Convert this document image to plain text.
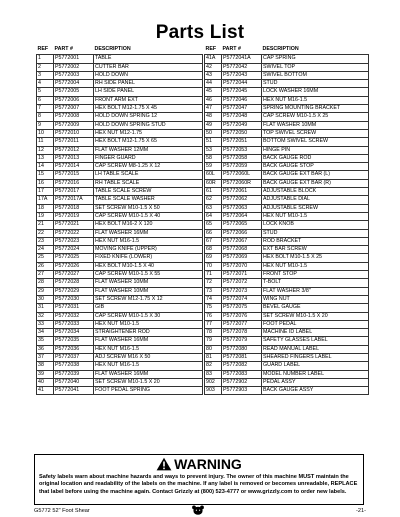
Parts List
REF	PART #	DESCRIPTION
1	P5772001	TABLE
2	P5772002	CUTTER BAR
3	P5772003	HOLD DOWN
4	P5772004	RH SIDE PANEL
5	P5772005	LH SIDE PANEL
6	P5772006	FRONT ARM EXT
7	P5772007	HEX BOLT M12-1.75 X 45
8	P5772008	HOLD DOWN SPRING 12
9	P5772009	HOLD DOWN SPRING STUD
10	P5772010	HEX NUT M12-1.75
11	P5772011	HEX BOLT M12-1.75 X 65
12	P5772012	FLAT WASHER 12MM
13	P5772013	FINGER GUARD
14	P5772014	CAP SCREW M8-1.25 X 12
15	P5772015	LH TABLE SCALE
16	P5772016	RH TABLE SCALE
17	P5772017	TABLE SCALE SCREW
17A	P5772017A	TABLE SCALE WASHER
18	P5772018	SET SCREW M10-1.5 X 50
19	P5772019	CAP SCREW M10-1.5 X 40
21	P5772021	HEX BOLT M16-2 X 120
22	P5772022	FLAT WASHER 16MM
23	P5772023	HEX NUT M16-1.5
24	P5772024	MOVING KNIFE (UPPER)
25	P5772025	FIXED KNIFE (LOWER)
26	P5772026	HEX BOLT M10-1.5 X 40
27	P5772027	CAP SCREW M10-1.5 X 55
28	P5772028	FLAT WASHER 10MM
29	P5772029	FLAT WASHER 10MM
30	P5772030	SET SCREW M12-1.75 X 12
31	P5772031	GIB
32	P5772032	CAP SCREW M10-1.5 X 30
33	P5772033	HEX NUT M10-1.5
34	P5772034	STRAIGHTENER ROD
35	P5772035	FLAT WASHER 16MM
36	P5772036	HEX NUT M16-1.5
37	P5772037	ADJ SCREW M16 X 50
38	P5772038	HEX NUT M16-1.5
39	P5772039	FLAT WASHER 16MM
40	P5772040	SET SCREW M10-1.5 X 20
41	P5772041	FOOT PEDAL SPRING
REF	PART #	DESCRIPTION
41A	P5772041A	CAP SPRING
42	P5772042	SWIVEL TOP
43	P5772043	SWIVEL BOTTOM
44	P5772044	STUD
45	P5772045	LOCK WASHER 16MM
46	P5772046	HEX NUT M16-1.5
47	P5772047	SPRING MOUNTING BRACKET
48	P5772048	CAP SCREW M10-1.5 X 25
49	P5772049	FLAT WASHER 10MM
50	P5772050	TOP SWIVEL SCREW
51	P5772051	BOTTOM SWIVEL SCREW
53	P5772053	HINGE PIN
58	P5772058	BACK GAUGE ROD
59	P5772059	BACK GAUGE STOP
60L	P5772060L	BACK GAUGE EXT BAR (L)
60R	P5772060R	BACK GAUGE EXT BAR (R)
61	P5772061	ADJUSTABLE BLOCK
62	P5772062	ADJUSTABLE DIAL
63	P5772063	ADJUSTABLE SCREW
64	P5772064	HEX NUT M10-1.5
65	P5772065	LOCK KNOB
66	P5772066	STUD
67	P5772067	ROD BRACKET
68	P5772068	EXT BAR SCREW
69	P5772069	HEX BOLT M10-1.5 X 25
70	P5772070	HEX NUT M10-1.5
71	P5772071	FRONT STOP
72	P5772072	T-BOLT
73	P5772073	FLAT WASHER 3/8"
74	P5772074	WING NUT
75	P5772075	BEVEL GAUGE
76	P5772076	SET SCREW M10-1.5 X 20
77	P5772077	FOOT PEDAL
78	P5772078	MACHINE ID LABEL
79	P5772079	SAFETY GLASSES LABEL
80	P5772080	READ MANUAL LABEL
81	P5772081	SHEARED FINGERS LABEL
82	P5772082	GUARD LABEL
83	P5772083	MODEL NUMBER LABEL
902	P5772902	PEDAL ASSY
903	P5772903	BACK GAUGE ASSY
WARNING
Safety labels warn about machine hazards and ways to prevent injury. The owner of this machine MUST maintain the original location and readability of the labels on the machine. If any label is removed or becomes unreadable, REPLACE that label before using the machine again. Contact Grizzly at (800) 523-4777 or www.grizzly.com to order new labels.
G5772 52" Foot Shear	-21-
